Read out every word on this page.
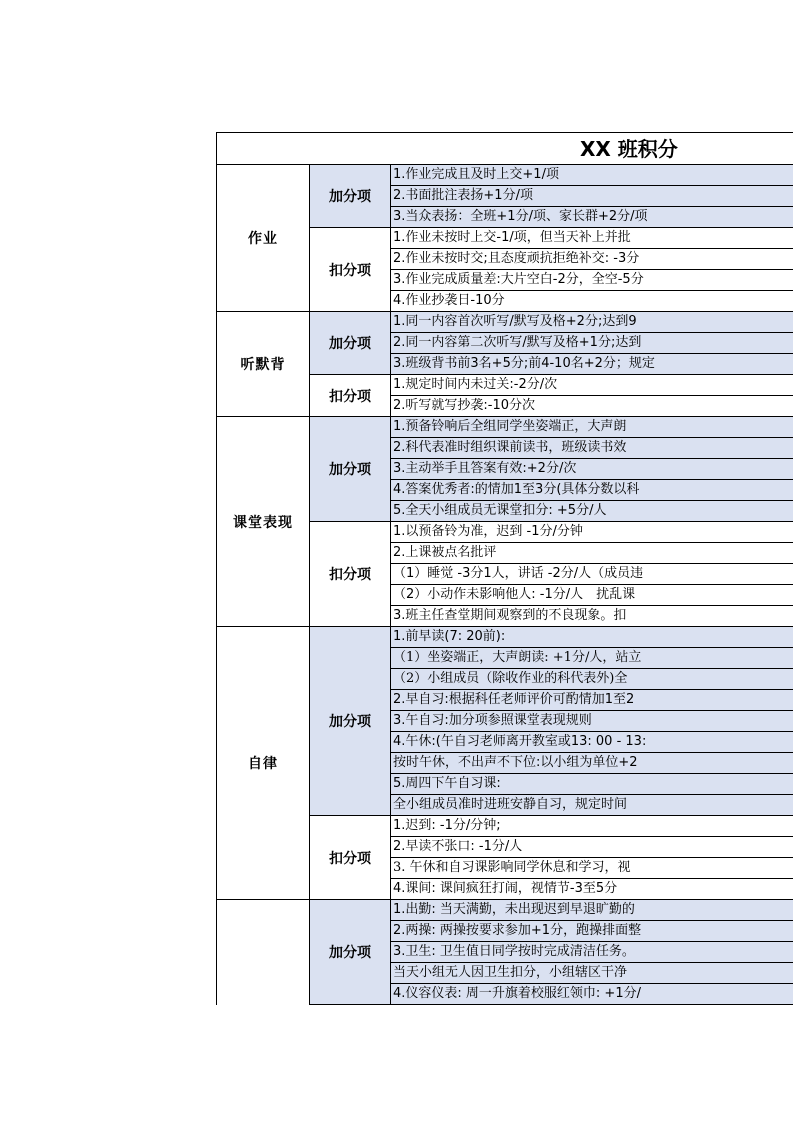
XX 班积分
作业
加分项
1.作业完成且及时上交+1/项
2.书面批注表扬+1分/项
3.当众表扬：全班+1分/项、家长群+2分/项
扣分项
1.作业未按时上交-1/项，但当天补上并批
2.作业未按时交;且态度顽抗拒绝补交: -3分
3.作业完成质量差:大片空白-2分，全空-5分
4.作业抄袭日-10分
听默背
加分项
1.同一内容首次听写/默写及格+2分;达到9
2.同一内容第二次听写/默写及格+1分;达到
3.班级背书前3名+5分;前4-10名+2分；规定
扣分项
1.规定时间内未过关:-2分/次
2.听写就写抄袭:-10分次
课堂表现
加分项
1.预备铃响后全组同学坐姿端正，大声朗
2.科代表准时组织课前读书，班级读书效
3.主动举手且答案有效:+2分/次
4.答案优秀者:的情加1至3分(具体分数以科
5.全天小组成员无课堂扣分: +5分/人
扣分项
1.以预备铃为准，迟到 -1分/分钟
2.上课被点名批评
（1）睡觉 -3分1人，讲话 -2分/人（成员违
（2）小动作未影响他人: -1分/人　扰乱课
3.班主任查堂期间观察到的不良现象。扣
自律
加分项
1.前早读(7: 20前):
（1）坐姿端正，大声朗读: +1分/人，站立
（2）小组成员（除收作业的科代表外)全
2.早自习:根据科任老师评价可酌情加1至2
3.午自习:加分项参照课堂表现规则
4.午休:(午自习老师离开教室或13: 00 - 13:
按时午休，不出声不下位:以小组为单位+2
5.周四下午自习课:
全小组成员准时进班安静自习，规定时间
扣分项
1.迟到: -1分/分钟;
2.早读不张口: -1分/人
3. 午休和自习课影响同学休息和学习，视
4.课间: 课间疯狂打闹，视情节-3至5分
加分项
1.出勤: 当天满勤，未出现迟到早退旷勤的
2.两操: 两操按要求参加+1分，跑操排面整
3.卫生: 卫生值日同学按时完成清洁任务。
当天小组无人因卫生扣分，小组辖区干净
4.仪容仪表: 周一升旗着校服红领巾: +1分/
